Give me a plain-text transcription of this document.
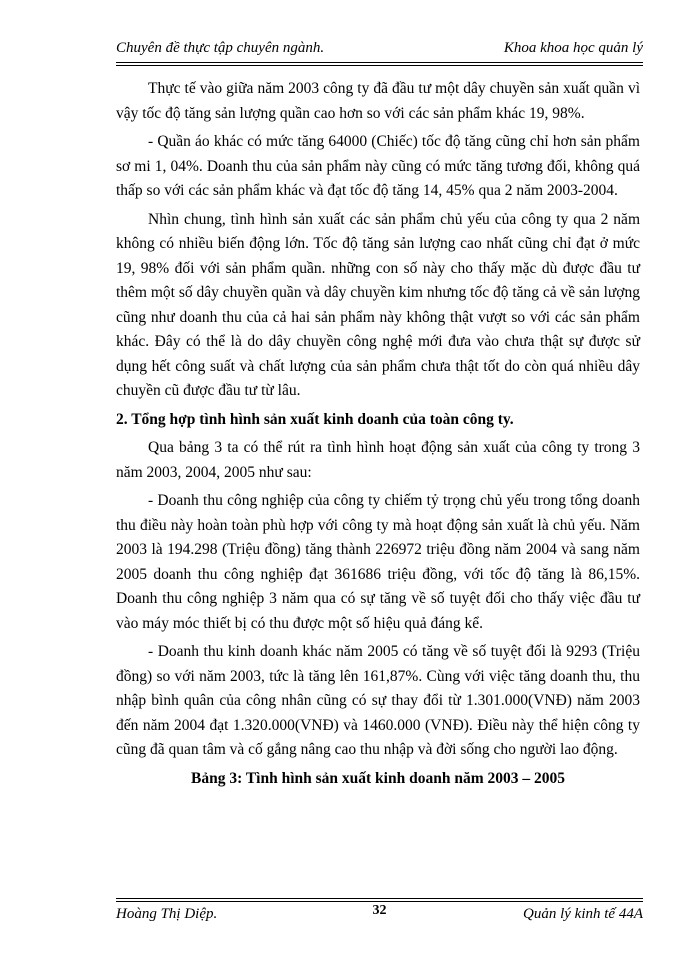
Chuyên đề thực tập chuyên ngành.	Khoa khoa học quản lý

Thực tế vào giữa năm 2003 công ty đã đầu tư một dây chuyền sản xuất quần vì vậy tốc độ tăng sản lượng quần cao hơn so với các sản phẩm khác 19, 98%.

- Quần áo khác có mức tăng 64000 (Chiếc) tốc độ tăng cũng chỉ hơn sản phẩm sơ mi 1, 04%. Doanh thu của sản phẩm này cũng có mức tăng tương đối, không quá thấp so với các sản phẩm khác và đạt tốc độ tăng 14, 45% qua 2 năm 2003-2004.

Nhìn chung, tình hình sản xuất các sản phẩm chủ yếu của công ty qua 2 năm không có nhiều biến động lớn. Tốc độ tăng sản lượng cao nhất cũng chỉ đạt ở mức 19, 98% đối với sản phẩm quần. những con số này cho thấy mặc dù được đầu tư thêm một số dây chuyền quần và dây chuyền kim nhưng tốc độ tăng cả về sản lượng cũng như doanh thu của cả hai sản phẩm này không thật vượt so với các sản phẩm khác. Đây có thể là do dây chuyền công nghệ mới đưa vào chưa thật sự được sử dụng hết công suất và chất lượng của sản phẩm chưa thật tốt do còn quá nhiều dây chuyền cũ được đầu tư từ lâu.

2. Tổng hợp tình hình sản xuất kinh doanh của toàn công ty.

Qua bảng 3 ta có thể rút ra tình hình hoạt động sản xuất của công ty trong 3 năm 2003, 2004, 2005 như sau:

- Doanh thu công nghiệp của công ty chiếm tỷ trọng chủ yếu trong tổng doanh thu điều này hoàn toàn phù hợp với công ty mà hoạt động sản xuất là chủ yếu. Năm 2003 là 194.298 (Triệu đồng) tăng thành 226972 triệu đồng năm 2004 và sang năm 2005 doanh thu công nghiệp đạt 361686 triệu đồng, với tốc độ tăng là 86,15%. Doanh thu công nghiệp 3 năm qua có sự tăng về số tuyệt đối cho thấy việc đầu tư vào máy móc thiết bị có thu được một số hiệu quả đáng kể.

- Doanh thu kinh doanh khác năm 2005 có tăng về số tuyệt đối là 9293 (Triệu đồng) so với năm 2003, tức là tăng lên 161,87%. Cùng với việc tăng doanh thu, thu nhập bình quân của công nhân cũng có sự thay đổi từ 1.301.000(VNĐ) năm 2003 đến năm 2004 đạt 1.320.000(VNĐ) và 1460.000 (VNĐ). Điều này thể hiện công ty cũng đã quan tâm và cố gắng nâng cao thu nhập và đời sống cho người lao động.

Bảng 3: Tình hình sản xuất kinh doanh năm 2003 – 2005
Hoàng Thị Diệp.	32	Quản lý kinh tế 44A
